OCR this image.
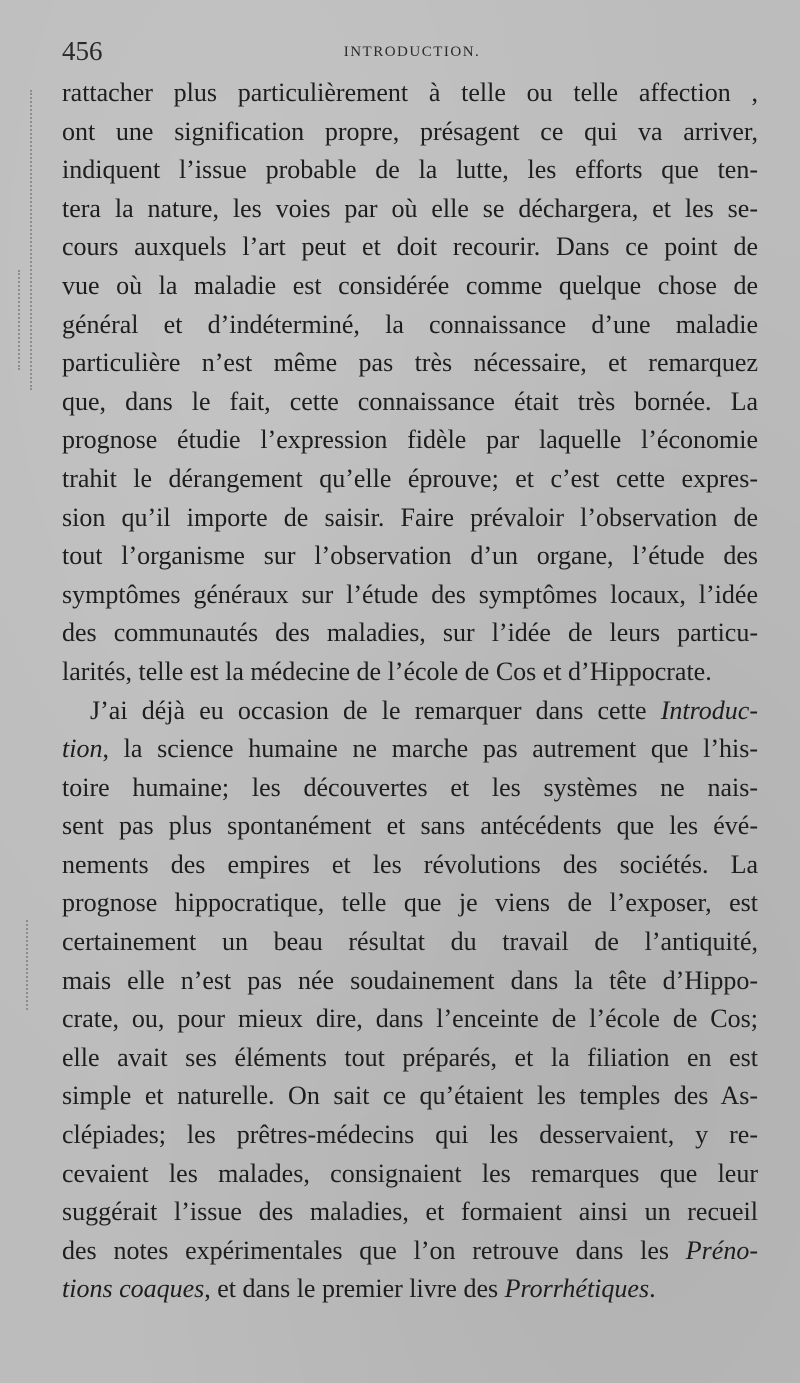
456	INTRODUCTION.
rattacher plus particulièrement à telle ou telle affection ,
ont une signification propre, présagent ce qui va arriver,
indiquent l’issue probable de la lutte, les efforts que ten-
tera la nature, les voies par où elle se déchargera, et les se-
cours auxquels l’art peut et doit recourir. Dans ce point de
vue où la maladie est considérée comme quelque chose de
général et d’indéterminé, la connaissance d’une maladie
particulière n’est même pas très nécessaire, et remarquez
que, dans le fait, cette connaissance était très bornée. La
prognose étudie l’expression fidèle par laquelle l’économie
trahit le dérangement qu’elle éprouve; et c’est cette expres-
sion qu’il importe de saisir. Faire prévaloir l’observation de
tout l’organisme sur l’observation d’un organe, l’étude des
symptômes généraux sur l’étude des symptômes locaux, l’idée
des communautés des maladies, sur l’idée de leurs particu-
larités, telle est la médecine de l’école de Cos et d’Hippocrate.
J’ai déjà eu occasion de le remarquer dans cette Introduc-
tion, la science humaine ne marche pas autrement que l’his-
toire humaine; les découvertes et les systèmes ne nais-
sent pas plus spontanément et sans antécédents que les évé-
nements des empires et les révolutions des sociétés. La
prognose hippocratique, telle que je viens de l’exposer, est
certainement un beau résultat du travail de l’antiquité,
mais elle n’est pas née soudainement dans la tête d’Hippo-
crate, ou, pour mieux dire, dans l’enceinte de l’école de Cos;
elle avait ses éléments tout préparés, et la filiation en est
simple et naturelle. On sait ce qu’étaient les temples des As-
clépiades; les prêtres-médecins qui les desservaient, y re-
cevaient les malades, consignaient les remarques que leur
suggérait l’issue des maladies, et formaient ainsi un recueil
des notes expérimentales que l’on retrouve dans les Préno-
tions coaques, et dans le premier livre des Prorrhétiques.
